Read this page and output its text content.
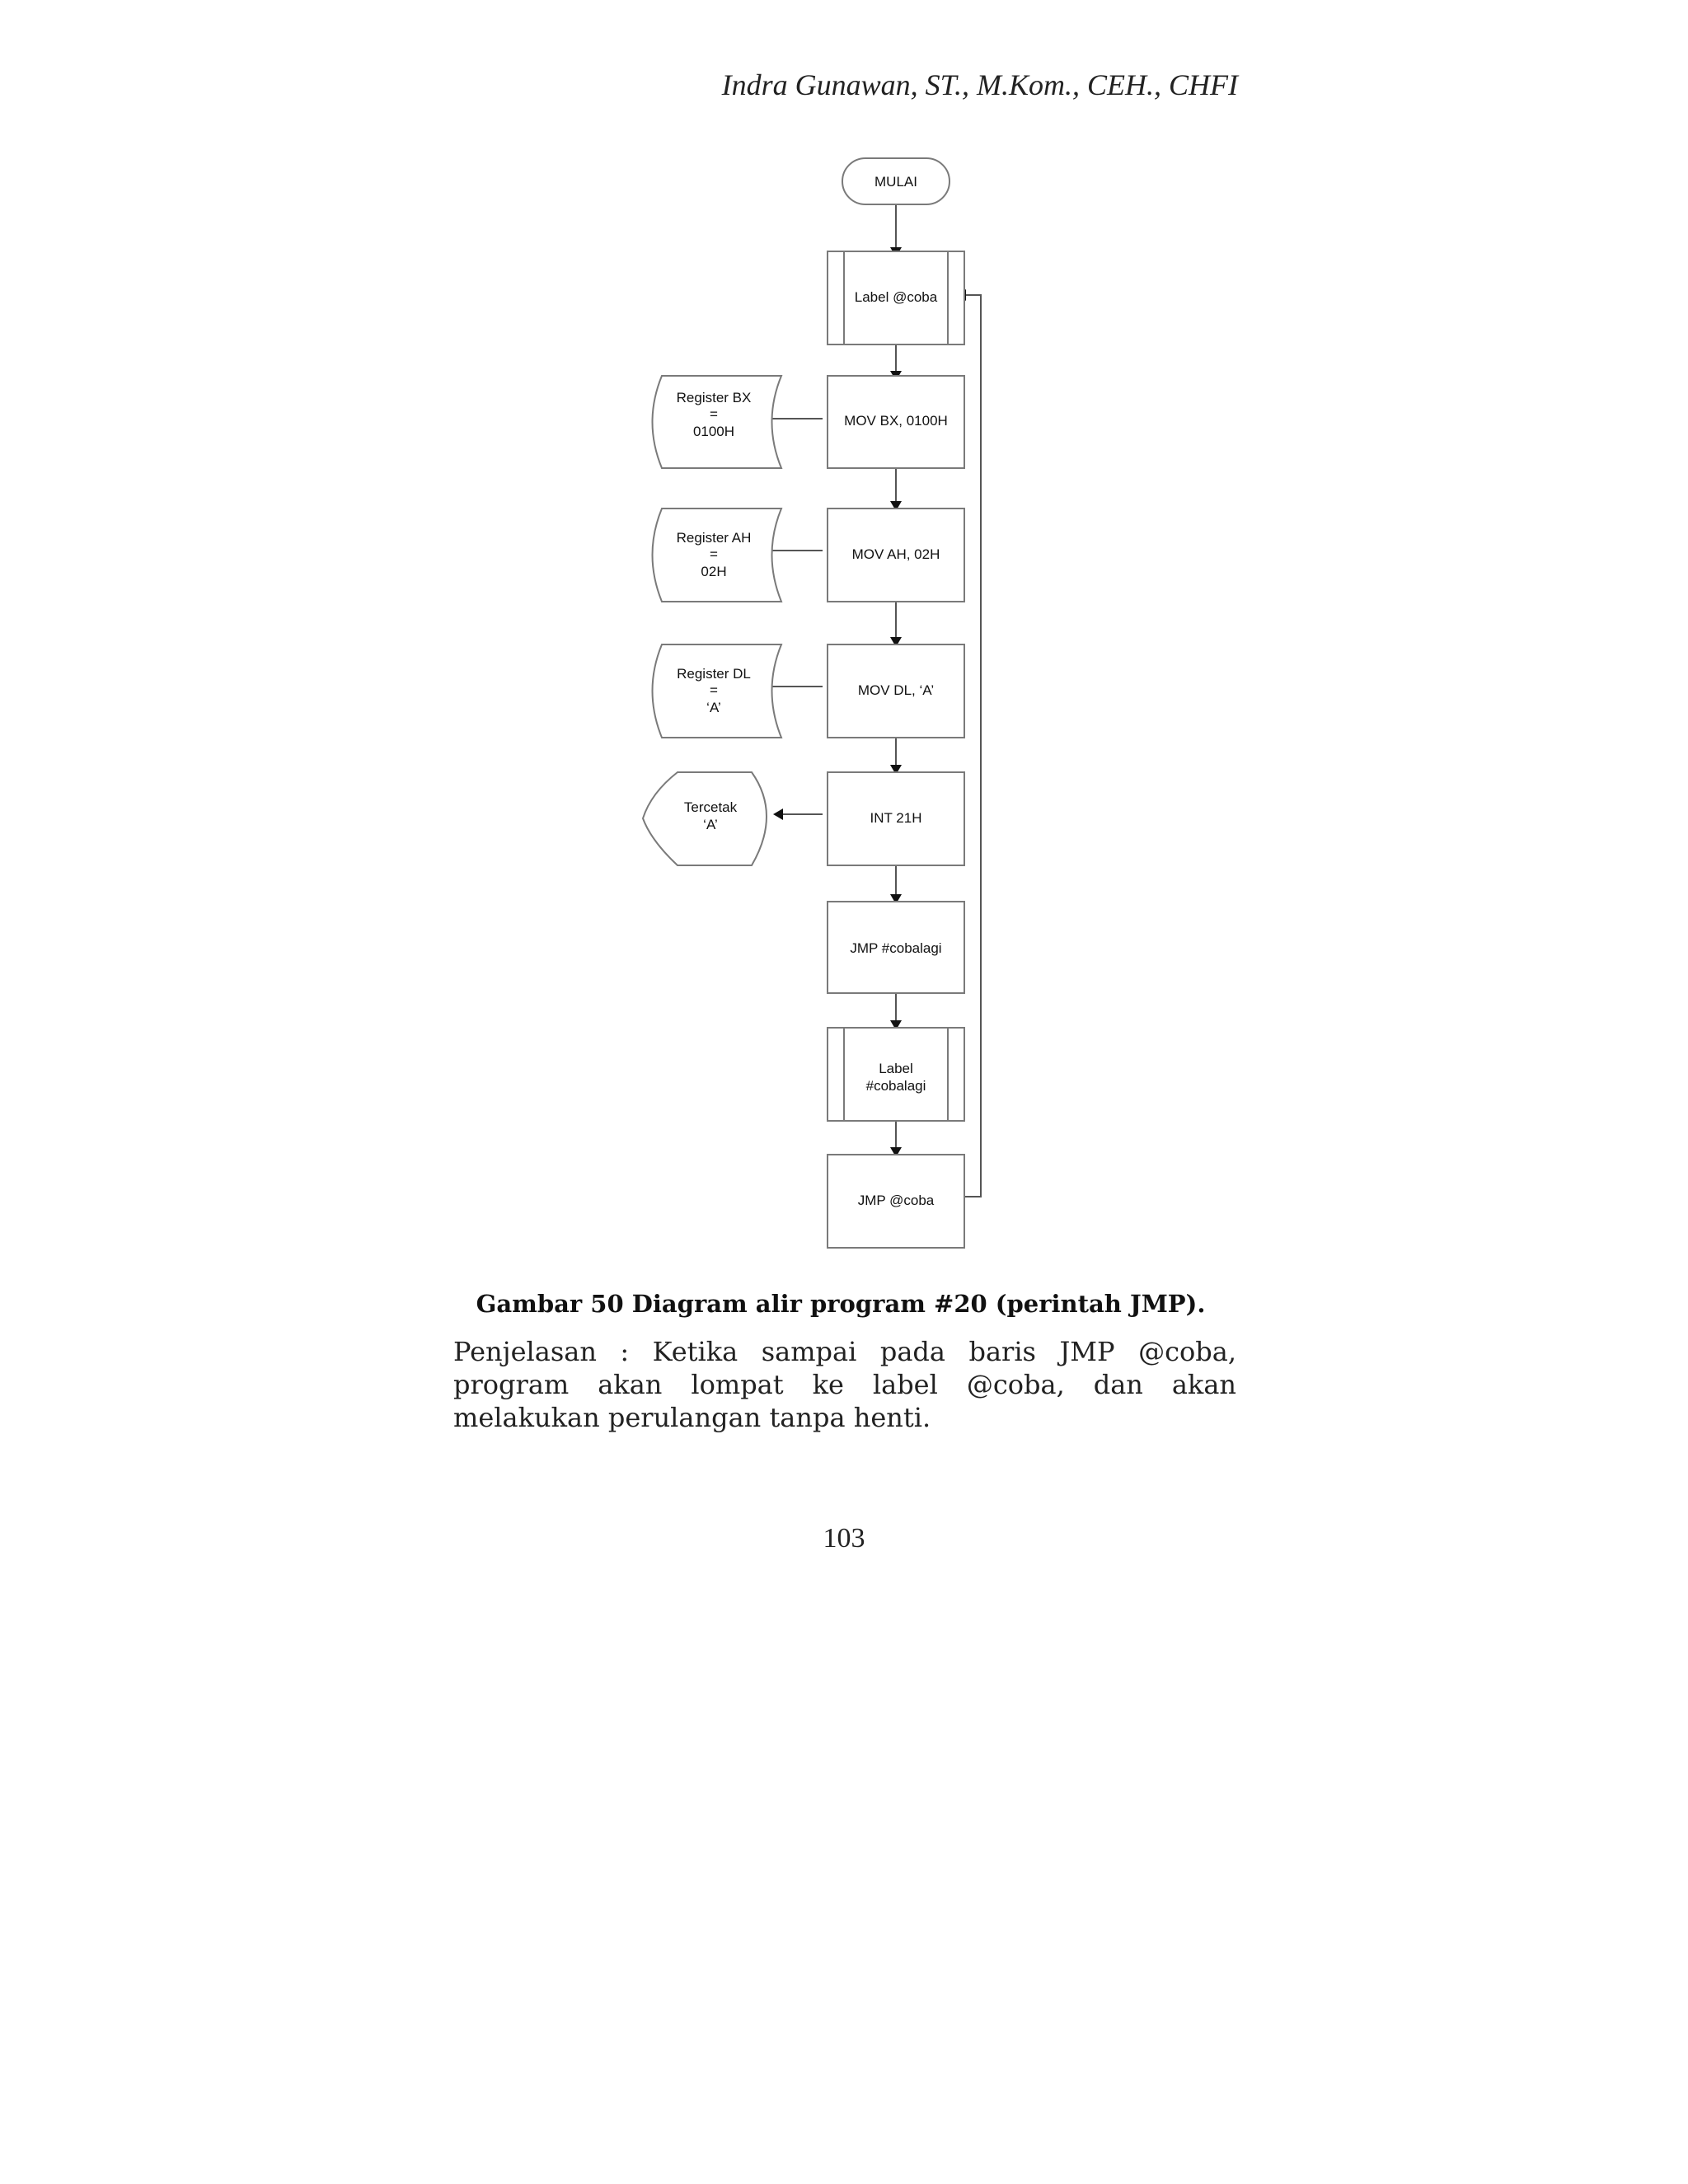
Indra Gunawan, ST., M.Kom., CEH., CHFI
MULAI
Label @coba
MOV BX, 0100H
MOV AH, 02H
MOV DL, ‘A’
INT 21H
JMP #cobalagi
Label
#cobalagi
JMP @coba
Register BX
=
0100H
Register AH
=
02H
Register DL
=
‘A’
Tercetak
‘A’
Gambar 50 Diagram alir program #20 (perintah JMP).
Penjelasan : Ketika sampai pada baris JMP @coba,
program akan lompat ke label @coba, dan akan
melakukan perulangan tanpa henti.
103
